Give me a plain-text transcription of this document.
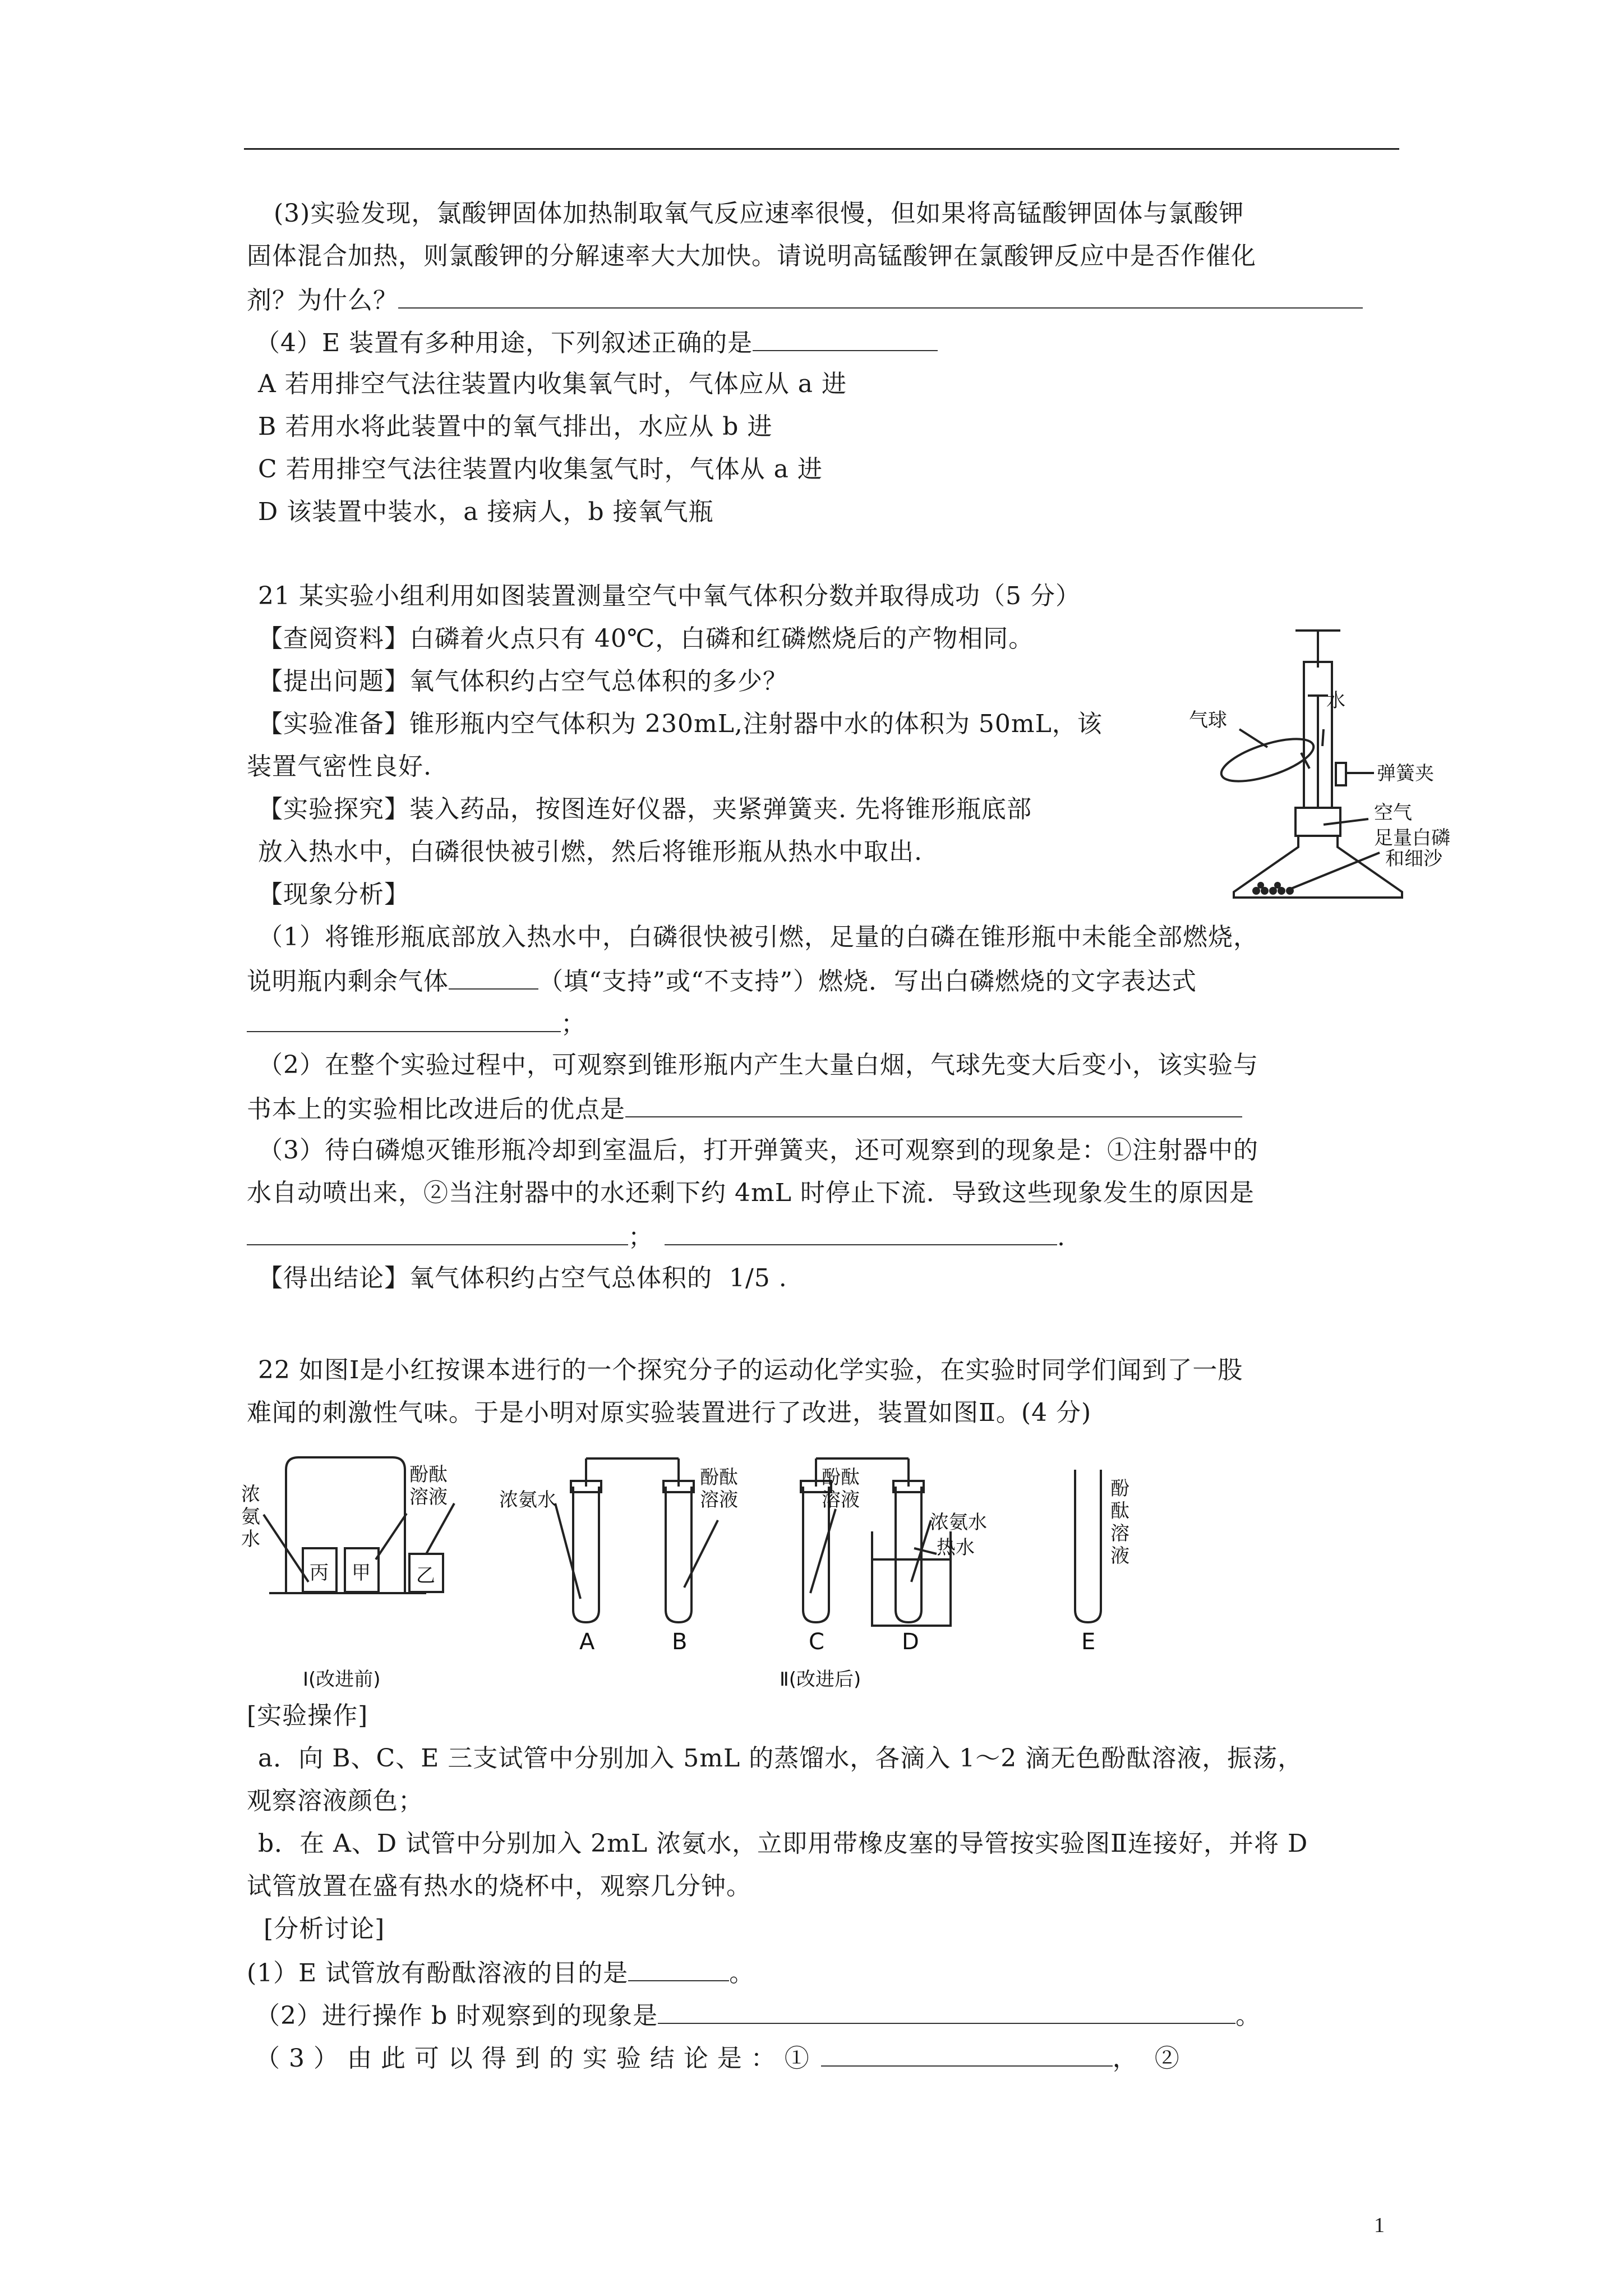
(3)实验发现，氯酸钾固体加热制取氧气反应速率很慢，但如果将高锰酸钾固体与氯酸钾
固体混合加热，则氯酸钾的分解速率大大加快。请说明高锰酸钾在氯酸钾反应中是否作催化
剂？为什么？
（4）E 装置有多种用途，下列叙述正确的是
A 若用排空气法往装置内收集氧气时，气体应从 a 进
B 若用水将此装置中的氧气排出，水应从 b 进
C 若用排空气法往装置内收集氢气时，气体从 a 进
D 该装置中装水，a 接病人，b 接氧气瓶
21 某实验小组利用如图装置测量空气中氧气体积分数并取得成功（5 分）
【查阅资料】白磷着火点只有 40℃，白磷和红磷燃烧后的产物相同。
【提出问题】氧气体积约占空气总体积的多少？
【实验准备】锥形瓶内空气体积为 230mL,注射器中水的体积为 50mL，该
装置气密性良好.
【实验探究】装入药品，按图连好仪器，夹紧弹簧夹. 先将锥形瓶底部
放入热水中，白磷很快被引燃，然后将锥形瓶从热水中取出.
【现象分析】
（1）将锥形瓶底部放入热水中，白磷很快被引燃，足量的白磷在锥形瓶中未能全部燃烧，
说明瓶内剩余气体	（填“支持”或“不支持”）燃烧．写出白磷燃烧的文字表达式
；
（2）在整个实验过程中，可观察到锥形瓶内产生大量白烟，气球先变大后变小，该实验与
书本上的实验相比改进后的优点是
（3）待白磷熄灭锥形瓶冷却到室温后，打开弹簧夹，还可观察到的现象是：①注射器中的
水自动喷出来，②当注射器中的水还剩下约 4mL 时停止下流．导致这些现象发生的原因是
；	.
【得出结论】氧气体积约占空气总体积的  1/5 .
气球
水
弹簧夹
空气
足量白磷
和细沙
22 如图Ⅰ是小红按课本进行的一个探究分子的运动化学实验，在实验时同学们闻到了一股
难闻的刺激性气味。于是小明对原实验装置进行了改进，装置如图Ⅱ。(4 分)
浓
氨
水
酚酞
溶液
丙 甲 乙
浓氨水
酚酞
溶液
酚酞
溶液
浓氨水
热水
酚
酞
溶
液
A	B	C	D	E
Ⅰ(改进前)	Ⅱ(改进后)
[实验操作]
a．向 B、C、E 三支试管中分别加入 5mL 的蒸馏水，各滴入 1～2 滴无色酚酞溶液，振荡，
观察溶液颜色；
b．在 A、D 试管中分别加入 2mL 浓氨水，立即用带橡皮塞的导管按实验图Ⅱ连接好，并将 D
试管放置在盛有热水的烧杯中，观察几分钟。
[分析讨论]
(1）E 试管放有酚酞溶液的目的是	。
（2）进行操作 b 时观察到的现象是	。
（ 3 ） 由 此 可 以 得 到 的 实 验 结 论 是 ： ①	，  ②
1
